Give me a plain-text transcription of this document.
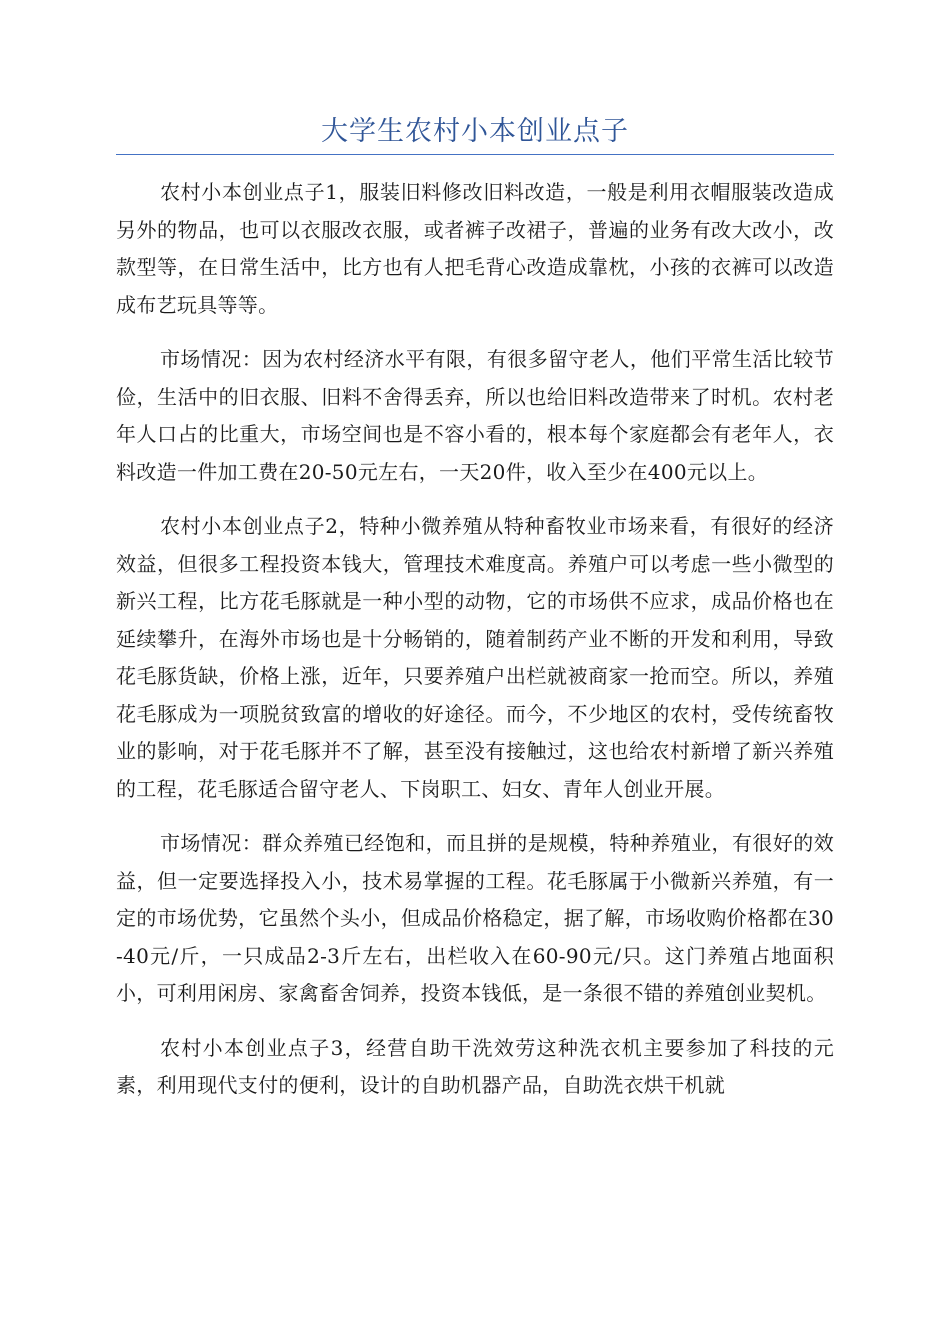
大学生农村小本创业点子

农村小本创业点子1，服装旧料修改旧料改造，一般是利用衣帽服装改造成另外的物品，也可以衣服改衣服，或者裤子改裙子，普遍的业务有改大改小，改款型等，在日常生活中，比方也有人把毛背心改造成靠枕，小孩的衣裤可以改造成布艺玩具等等。

市场情况：因为农村经济水平有限，有很多留守老人，他们平常生活比较节俭，生活中的旧衣服、旧料不舍得丢弃，所以也给旧料改造带来了时机。农村老年人口占的比重大，市场空间也是不容小看的，根本每个家庭都会有老年人，衣料改造一件加工费在20-50元左右，一天20件，收入至少在400元以上。

农村小本创业点子2，特种小微养殖从特种畜牧业市场来看，有很好的经济效益，但很多工程投资本钱大，管理技术难度高。养殖户可以考虑一些小微型的新兴工程，比方花毛豚就是一种小型的动物，它的市场供不应求，成品价格也在延续攀升，在海外市场也是十分畅销的，随着制药产业不断的开发和利用，导致花毛豚货缺，价格上涨，近年，只要养殖户出栏就被商家一抢而空。所以，养殖花毛豚成为一项脱贫致富的增收的好途径。而今，不少地区的农村，受传统畜牧业的影响，对于花毛豚并不了解，甚至没有接触过，这也给农村新增了新兴养殖的工程，花毛豚适合留守老人、下岗职工、妇女、青年人创业开展。

市场情况：群众养殖已经饱和，而且拼的是规模，特种养殖业，有很好的效益，但一定要选择投入小，技术易掌握的工程。花毛豚属于小微新兴养殖，有一定的市场优势，它虽然个头小，但成品价格稳定，据了解，市场收购价格都在30-40元/斤，一只成品2-3斤左右，出栏收入在60-90元/只。这门养殖占地面积小，可利用闲房、家禽畜舍饲养，投资本钱低，是一条很不错的养殖创业契机。

农村小本创业点子3，经营自助干洗效劳这种洗衣机主要参加了科技的元素，利用现代支付的便利，设计的自助机器产品，自助洗衣烘干机就
